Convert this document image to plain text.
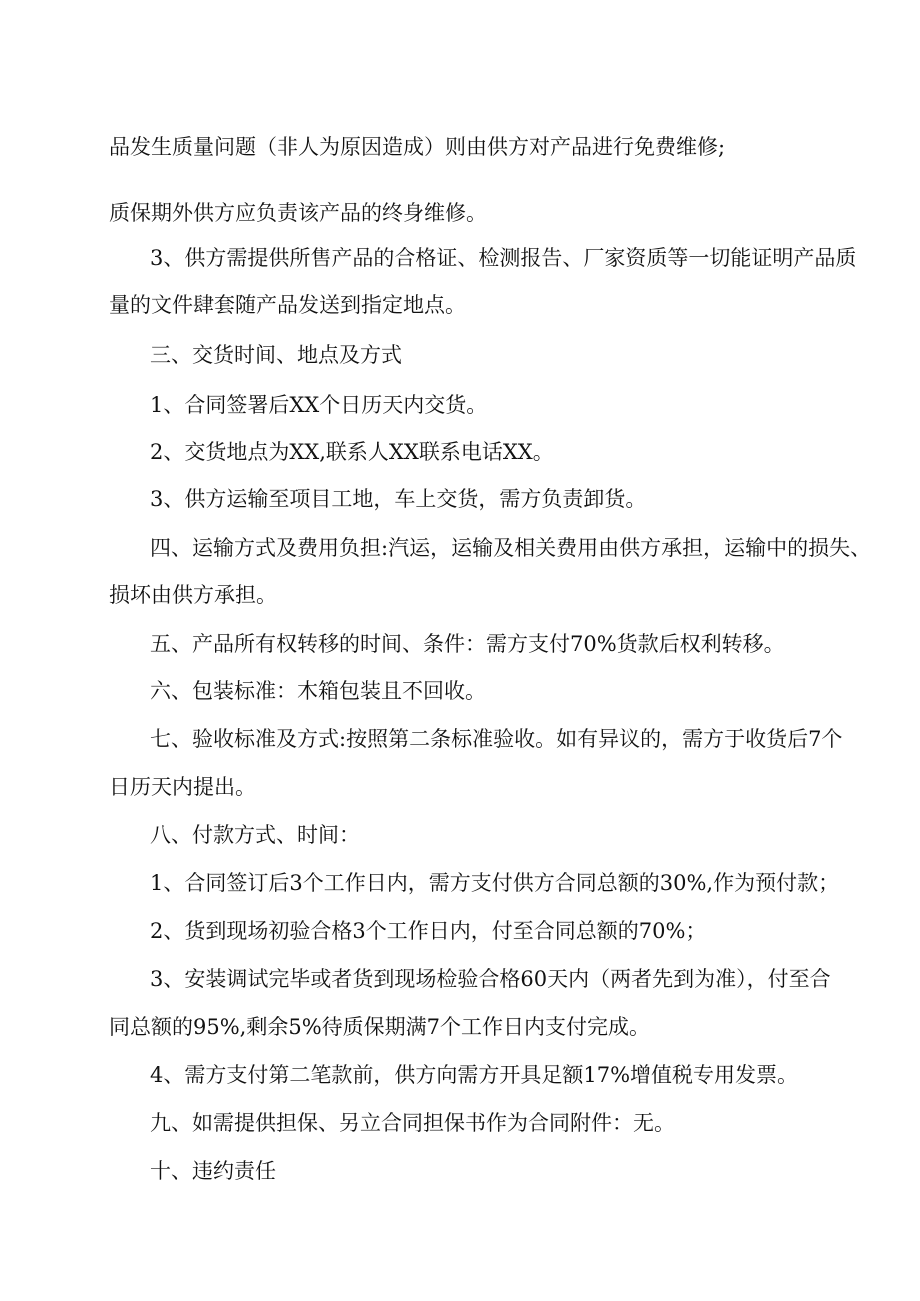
品发生质量问题（非人为原因造成）则由供方对产品进行免费维修;
质保期外供方应负责该产品的终身维修。
3、供方需提供所售产品的合格证、检测报告、厂家资质等一切能证明产品质
量的文件肆套随产品发送到指定地点。
三、交货时间、地点及方式
1、合同签署后XX个日历天内交货。
2、交货地点为XX,联系人XX联系电话XX。
3、供方运输至项目工地，车上交货，需方负责卸货。
四、运输方式及费用负担:汽运，运输及相关费用由供方承担，运输中的损失、
损坏由供方承担。
五、产品所有权转移的时间、条件：需方支付70%货款后权利转移。
六、包装标准：木箱包装且不回收。
七、验收标准及方式:按照第二条标准验收。如有异议的，需方于收货后7个
日历天内提出。
八、付款方式、时间：
1、合同签订后3个工作日内，需方支付供方合同总额的30%,作为预付款；
2、货到现场初验合格3个工作日内，付至合同总额的70%；
3、安装调试完毕或者货到现场检验合格60天内（两者先到为准），付至合
同总额的95%,剩余5%待质保期满7个工作日内支付完成。
4、需方支付第二笔款前，供方向需方开具足额17%增值税专用发票。
九、如需提供担保、另立合同担保书作为合同附件：无。
十、违约责任
